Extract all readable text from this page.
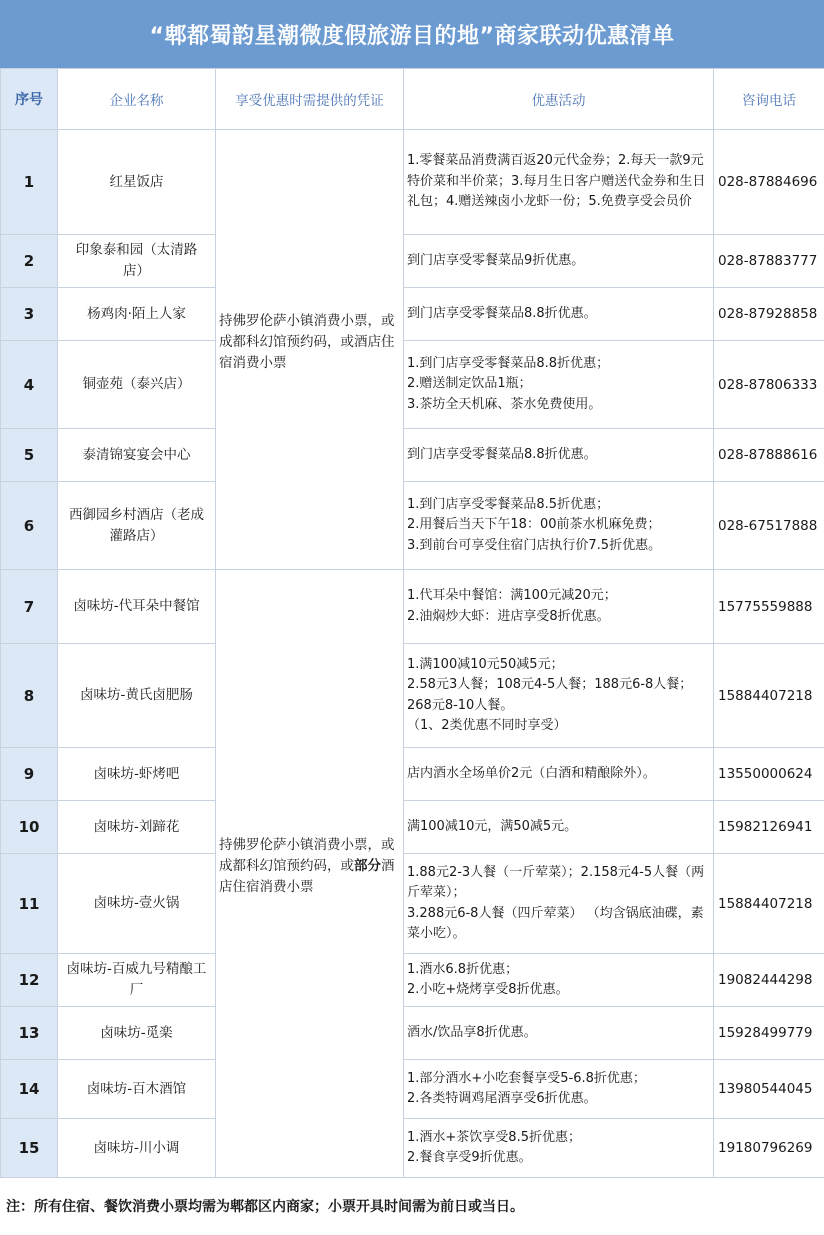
“郫都蜀韵星潮微度假旅游目的地”商家联动优惠清单
序号	企业名称	享受优惠时需提供的凭证	优惠活动	咨询电话
1	红星饭店	持佛罗伦萨小镇消费小票，或成都科幻馆预约码，或酒店住宿消费小票	1.零餐菜品消费满百返20元代金券；2.每天一款9元特价菜和半价菜；3.每月生日客户赠送代金券和生日礼包；4.赠送辣卤小龙虾一份；5.免费享受会员价	028-87884696
2	印象泰和园（太清路店）		到门店享受零餐菜品9折优惠。	028-87883777
3	杨鸡肉·陌上人家		到门店享受零餐菜品8.8折优惠。	028-87928858
4	铜壶苑（泰兴店）		1.到门店享受零餐菜品8.8折优惠；
2.赠送制定饮品1瓶；
3.茶坊全天机麻、茶水免费使用。	028-87806333
5	泰清锦宴宴会中心		到门店享受零餐菜品8.8折优惠。	028-87888616
6	西御园乡村酒店（老成灌路店）		1.到门店享受零餐菜品8.5折优惠；
2.用餐后当天下午18：00前茶水机麻免费；
3.到前台可享受住宿门店执行价7.5折优惠。	028-67517888
7	卤味坊-代耳朵中餐馆	持佛罗伦萨小镇消费小票，或成都科幻馆预约码，或部分酒店住宿消费小票	1.代耳朵中餐馆：满100元减20元；
2.油焖炒大虾：进店享受8折优惠。	15775559888
8	卤味坊-黄氏卤肥肠		1.满100减10元50减5元；
2.58元3人餐；108元4-5人餐；188元6-8人餐；268元8-10人餐。
（1、2类优惠不同时享受）	15884407218
9	卤味坊-虾烤吧		店内酒水全场单价2元（白酒和精酿除外）。	13550000624
10	卤味坊-刘蹄花		满100减10元，满50减5元。	15982126941
11	卤味坊-壹火锅		1.88元2-3人餐（一斤荤菜）；2.158元4-5人餐（两斤荤菜）；
3.288元6-8人餐（四斤荤菜） （均含锅底油碟，素菜小吃）。	15884407218
12	卤味坊-百威九号精酿工厂		1.酒水6.8折优惠；
2.小吃+烧烤享受8折优惠。	19082444298
13	卤味坊-觅楽		酒水/饮品享8折优惠。	15928499779
14	卤味坊-百木酒馆		1.部分酒水+小吃套餐享受5-6.8折优惠；
2.各类特调鸡尾酒享受6折优惠。	13980544045
15	卤味坊-川小调		1.酒水+茶饮享受8.5折优惠；
2.餐食享受9折优惠。	19180796269
注：所有住宿、餐饮消费小票均需为郫都区内商家；小票开具时间需为前日或当日。
